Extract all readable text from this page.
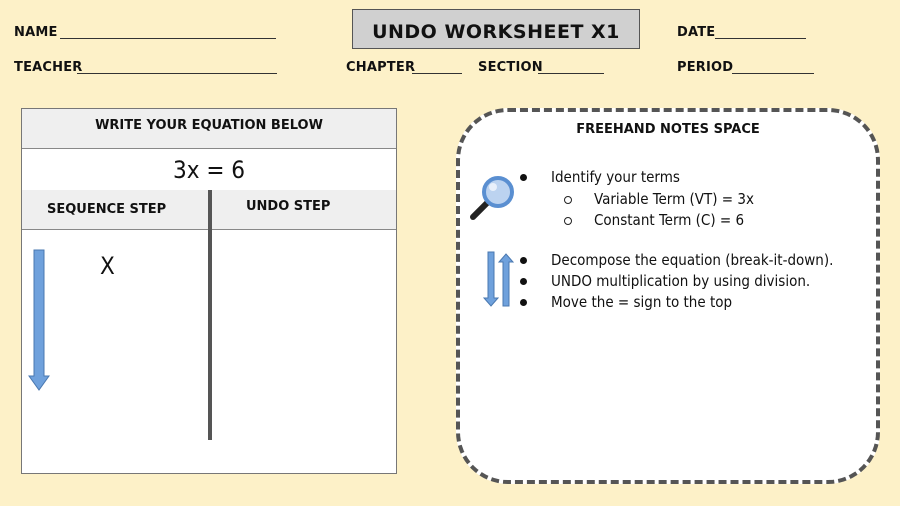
NAME
TEACHER
UNDO WORKSHEET X1
CHAPTER	SECTION
DATE
PERIOD
WRITE YOUR EQUATION BELOW
3x = 6
SEQUENCE STEP	UNDO STEP
X
FREEHAND NOTES SPACE
Identify your terms
Variable Term (VT) = 3x
Constant Term (C) = 6
Decompose the equation (break-it-down).
UNDO multiplication by using division.
Move the = sign to the top
